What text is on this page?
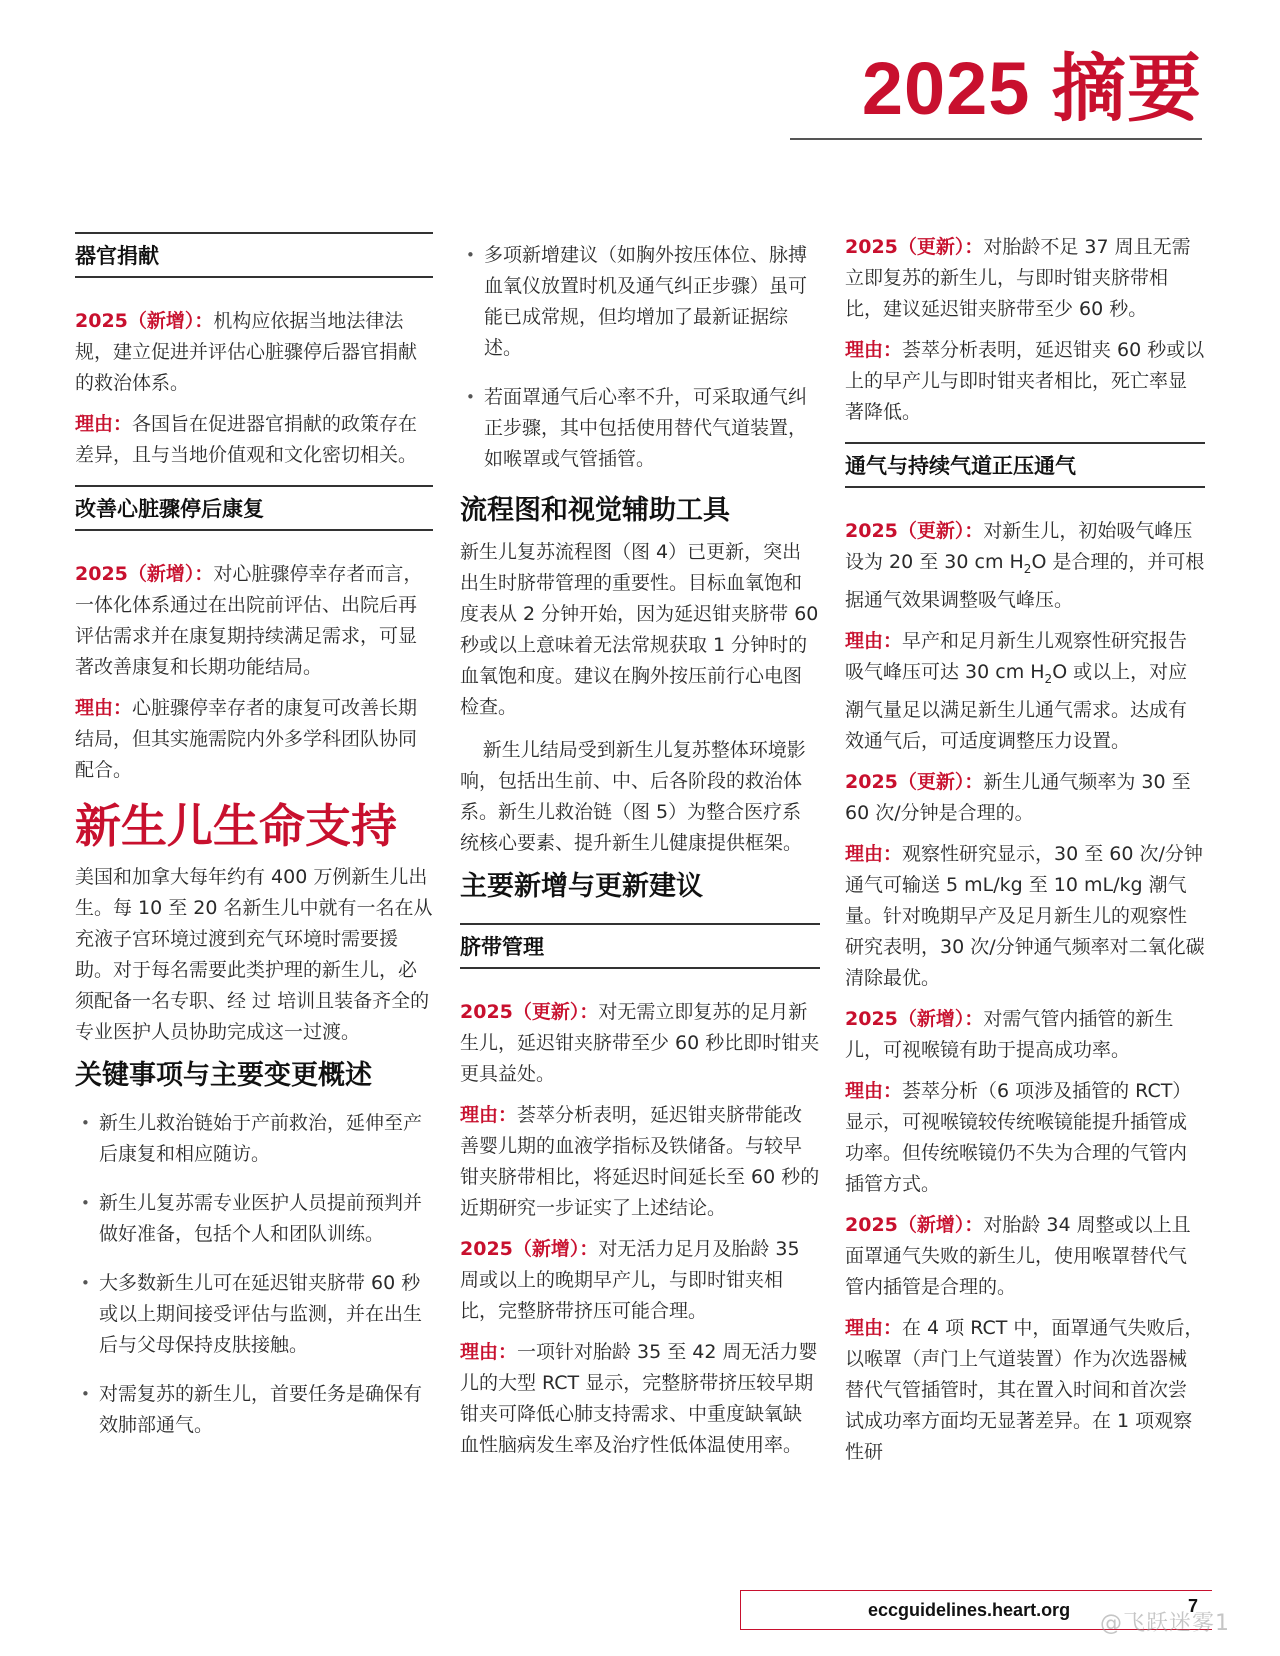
2025 摘要
器官捐献

2025（新增）：机构应依据当地法律法规，建立促进并评估心脏骤停后器官捐献的救治体系。

理由：各国旨在促进器官捐献的政策存在差异，且与当地价值观和文化密切相关。

改善心脏骤停后康复

2025（新增）：对心脏骤停幸存者而言，一体化体系通过在出院前评估、出院后再评估需求并在康复期持续满足需求，可显著改善康复和长期功能结局。

理由：心脏骤停幸存者的康复可改善长期结局，但其实施需院内外多学科团队协同配合。

新生儿生命支持

美国和加拿大每年约有 400 万例新生儿出生。每 10 至 20 名新生儿中就有一名在从充液子宫环境过渡到充气环境时需要援助。对于每名需要此类护理的新生儿，必须配备一名专职、经 过 培训且装备齐全的专业医护人员协助完成这一过渡。

关键事项与主要变更概述
• 新生儿救治链始于产前救治，延伸至产后康复和相应随访。
• 新生儿复苏需专业医护人员提前预判并做好准备，包括个人和团队训练。
• 大多数新生儿可在延迟钳夹脐带 60 秒或以上期间接受评估与监测，并在出生后与父母保持皮肤接触。
• 对需复苏的新生儿，首要任务是确保有效肺部通气。
• 多项新增建议（如胸外按压体位、脉搏血氧仪放置时机及通气纠正步骤）虽可能已成常规，但均增加了最新证据综述。
• 若面罩通气后心率不升，可采取通气纠正步骤，其中包括使用替代气道装置，如喉罩或气管插管。
流程图和视觉辅助工具

新生儿复苏流程图（图 4）已更新，突出出生时脐带管理的重要性。目标血氧饱和度表从 2 分钟开始，因为延迟钳夹脐带 60 秒或以上意味着无法常规获取 1 分钟时的血氧饱和度。建议在胸外按压前行心电图检查。

新生儿结局受到新生儿复苏整体环境影响，包括出生前、中、后各阶段的救治体系。新生儿救治链（图 5）为整合医疗系统核心要素、提升新生儿健康提供框架。

主要新增与更新建议
脐带管理

2025（更新）：对无需立即复苏的足月新生儿，延迟钳夹脐带至少 60 秒比即时钳夹更具益处。

理由：荟萃分析表明，延迟钳夹脐带能改善婴儿期的血液学指标及铁储备。与较早钳夹脐带相比，将延迟时间延长至 60 秒的近期研究一步证实了上述结论。

2025（新增）：对无活力足月及胎龄 35 周或以上的晚期早产儿，与即时钳夹相比，完整脐带挤压可能合理。

理由：一项针对胎龄 35 至 42 周无活力婴儿的大型 RCT 显示，完整脐带挤压较早期钳夹可降低心肺支持需求、中重度缺氧缺血性脑病发生率及治疗性低体温使用率。

2025（更新）：对胎龄不足 37 周且无需立即复苏的新生儿，与即时钳夹脐带相比，建议延迟钳夹脐带至少 60 秒。

理由：荟萃分析表明，延迟钳夹 60 秒或以上的早产儿与即时钳夹者相比，死亡率显著降低。

通气与持续气道正压通气

2025（更新）：对新生儿，初始吸气峰压设为 20 至 30 cm $H_2O$ 是合理的，并可根据通气效果调整吸气峰压。

理由：早产和足月新生儿观察性研究报告吸气峰压可达 30 cm $H_2O$ 或以上，对应潮气量足以满足新生儿通气需求。达成有效通气后，可适度调整压力设置。

2025（更新）：新生儿通气频率为 30 至 60 次/分钟是合理的。

理由：观察性研究显示，30 至 60 次/分钟通气可输送 5 mL/kg 至 10 mL/kg 潮气量。针对晚期早产及足月新生儿的观察性研究表明，30 次/分钟通气频率对二氧化碳清除最优。

2025（新增）：对需气管内插管的新生儿，可视喉镜有助于提高成功率。

理由：荟萃分析（6 项涉及插管的 RCT）显示，可视喉镜较传统喉镜能提升插管成功率。但传统喉镜仍不失为合理的气管内插管方式。

2025（新增）：对胎龄 34 周整或以上且面罩通气失败的新生儿，使用喉罩替代气管内插管是合理的。

理由：在 4 项 RCT 中，面罩通气失败后，以喉罩（声门上气道装置）作为次选器械替代气管插管时，其在置入时间和首次尝试成功率方面均无显著差异。在 1 项观察性研

eccguidelines.heart.org	7
@飞跃迷雾1
